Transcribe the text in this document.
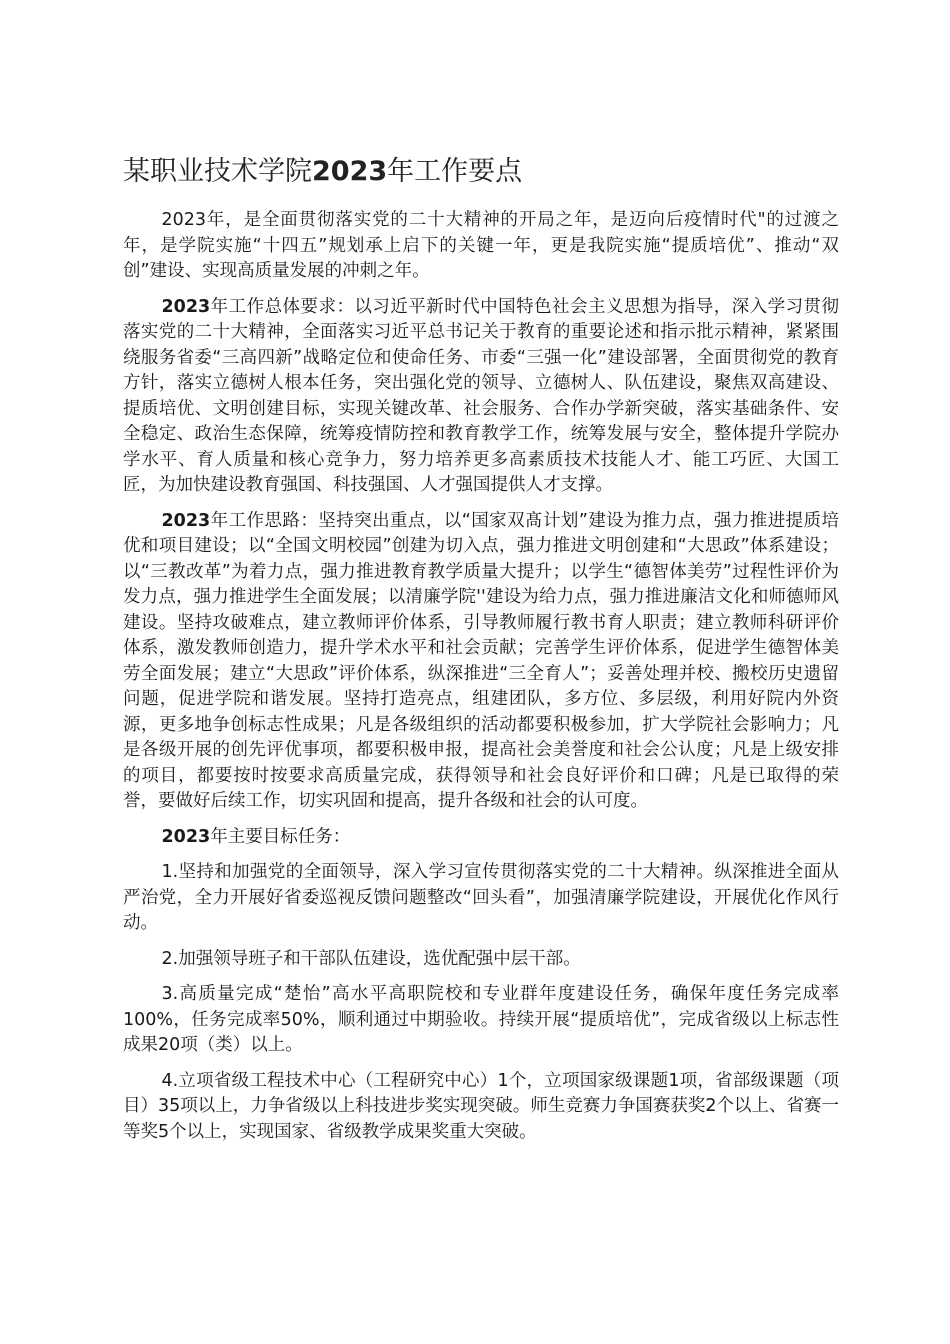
某职业技术学院2023年工作要点

2023年，是全面贯彻落实党的二十大精神的开局之年，是迈向后疫情时代"的过渡之年，是学院实施“十四五”规划承上启下的关键一年，更是我院实施“提质培优”、推动“双创”建设、实现高质量发展的冲刺之年。

2023年工作总体要求：以习近平新时代中国特色社会主义思想为指导，深入学习贯彻落实党的二十大精神，全面落实习近平总书记关于教育的重要论述和指示批示精神，紧紧围绕服务省委“三高四新”战略定位和使命任务、市委“三强一化”建设部署，全面贯彻党的教育方针，落实立德树人根本任务，突出强化党的领导、立德树人、队伍建设，聚焦双高建设、提质培优、文明创建目标，实现关键改革、社会服务、合作办学新突破，落实基础条件、安全稳定、政治生态保障，统筹疫情防控和教育教学工作，统筹发展与安全，整体提升学院办学水平、育人质量和核心竞争力，努力培养更多高素质技术技能人才、能工巧匠、大国工匠，为加快建设教育强国、科技强国、人才强国提供人才支撑。

2023年工作思路：坚持突出重点，以“国家双髙计划”建设为推力点，强力推进提质培优和项目建设；以“全国文明校园”创建为切入点，强力推进文明创建和“大思政”体系建设；以“三教改革”为着力点，强力推进教育教学质量大提升；以学生“德智体美劳”过程性评价为发力点，强力推进学生全面发展；以清廉学院''建设为给力点，强力推进廉洁文化和师德师风建设。坚持攻破难点，建立教师评价体系，引导教师履行教书育人职责；建立教师科研评价体系，激发教师创造力，提升学术水平和社会贡献；完善学生评价体系，促进学生德智体美劳全面发展；建立“大思政”评价体系，纵深推进“三全育人”；妥善处理并校、搬校历史遗留问题，促进学院和谐发展。坚持打造亮点，组建团队，多方位、多层级，利用好院内外资源，更多地争创标志性成果；凡是各级组织的活动都要积极参加，扩大学院社会影响力；凡是各级开展的创先评优事项，都要积极申报，提高社会美誉度和社会公认度；凡是上级安排的项目，都要按时按要求高质量完成，获得领导和社会良好评价和口碑；凡是已取得的荣誉，要做好后续工作，切实巩固和提高，提升各级和社会的认可度。

2023年主要目标任务：

1.坚持和加强党的全面领导，深入学习宣传贯彻落实党的二十大精神。纵深推进全面从严治党，全力开展好省委巡视反馈问题整改“回头看”，加强清廉学院建设，开展优化作风行动。

2.加强领导班子和干部队伍建设，选优配强中层干部。

3.高质量完成“楚怡”高水平高职院校和专业群年度建设任务，确保年度任务完成率100%，任务完成率50%，顺利通过中期验收。持续开展“提质培优”，完成省级以上标志性成果20项（类）以上。

4.立项省级工程技术中心（工程研究中心）1个，立项国家级课题1项，省部级课题（项目）35项以上，力争省级以上科技进步奖实现突破。师生竞赛力争国赛获奖2个以上、省赛一等奖5个以上，实现国家、省级教学成果奖重大突破。
